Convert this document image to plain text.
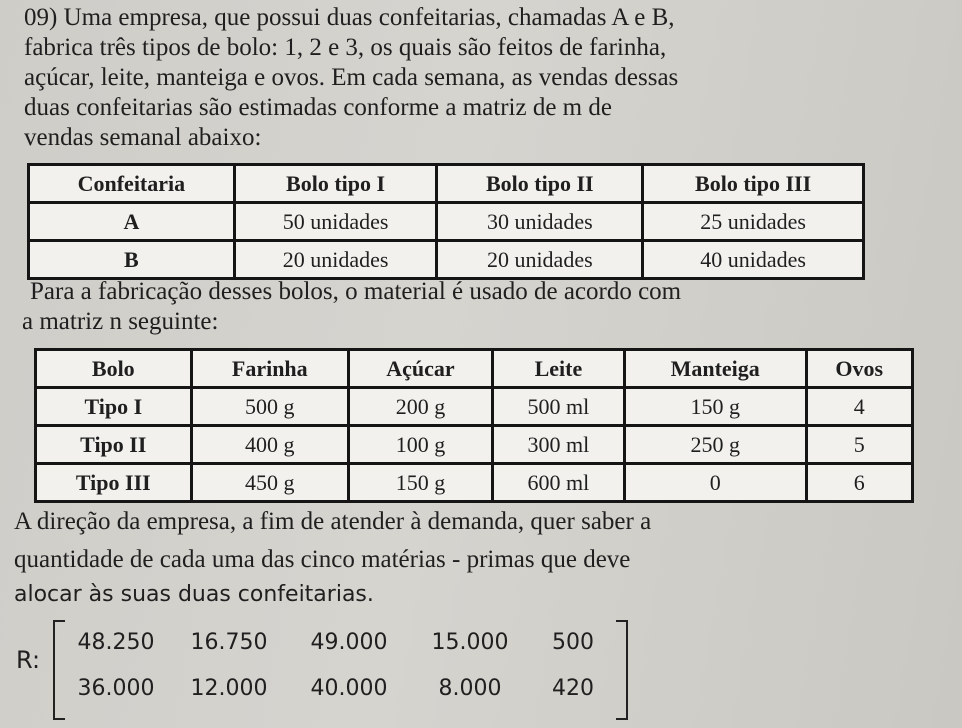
09) Uma empresa, que possui duas confeitarias, chamadas A e B,
fabrica três tipos de bolo: 1, 2 e 3, os quais são feitos de farinha,
açúcar, leite, manteiga e ovos. Em cada semana, as vendas dessas
duas confeitarias são estimadas conforme a matriz de m de
vendas semanal abaixo:
Confeitaria	Bolo tipo I	Bolo tipo II	Bolo tipo III
A	50 unidades	30 unidades	25 unidades
B	20 unidades	20 unidades	40 unidades
Para a fabricação desses bolos, o material é usado de acordo com
a matriz n seguinte:
Bolo	Farinha	Açúcar	Leite	Manteiga	Ovos
Tipo I	500 g	200 g	500 ml	150 g	4
Tipo II	400 g	100 g	300 ml	250 g	5
Tipo III	450 g	150 g	600 ml	0	6
A direção da empresa, a fim de atender à demanda, quer saber a
quantidade de cada uma das cinco matérias - primas que deve
alocar às suas duas confeitarias.
R:
48.250	16.750	49.000	15.000	500
36.000	12.000	40.000	8.000	420
